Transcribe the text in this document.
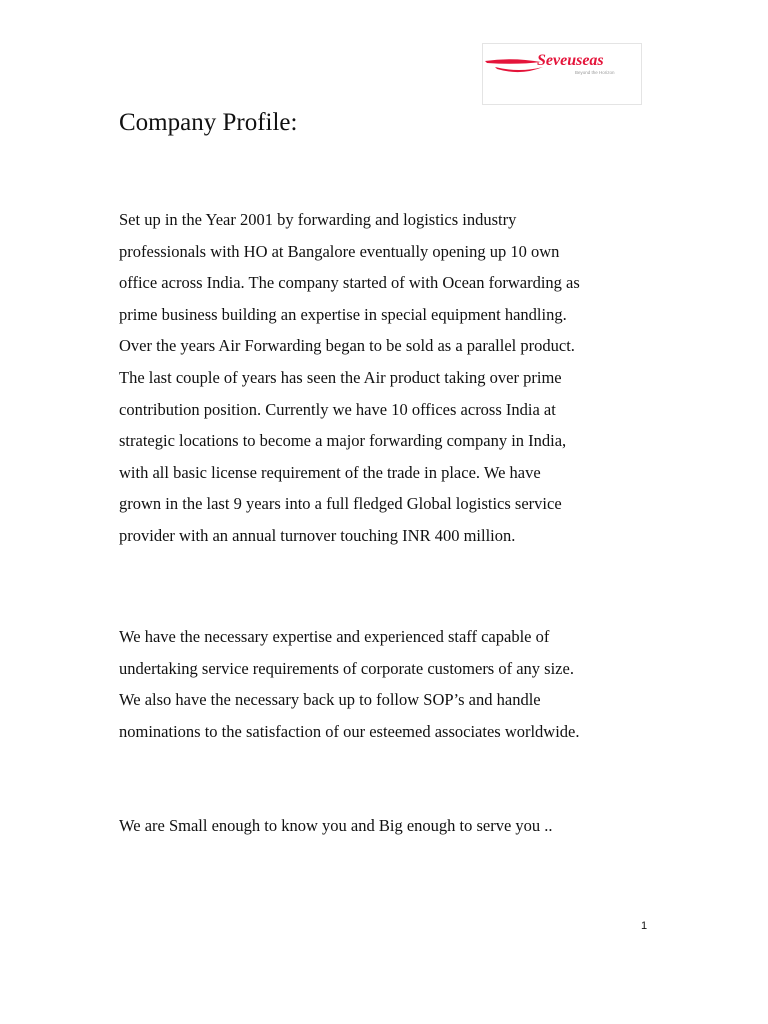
Seveuseas
Beyond the Horizon
Company Profile:

Set up in the Year 2001 by forwarding and logistics industry
professionals with HO at Bangalore eventually opening up 10 own
office across India. The company started of with Ocean forwarding as
prime business building an expertise in special equipment handling.
Over the years Air Forwarding began to be sold as a parallel product.
The last couple of years has seen the Air product taking over prime
contribution position. Currently we have 10 offices across India at
strategic locations to become a major forwarding company in India,
with all basic license requirement of the trade in place. We have
grown in the last 9 years into a full fledged Global logistics service
provider with an annual turnover touching INR 400 million.

We have the necessary expertise and experienced staff capable of
undertaking service requirements of corporate customers of any size.
We also have the necessary back up to follow SOP’s and handle
nominations to the satisfaction of our esteemed associates worldwide.

We are Small enough to know you and Big enough to serve you ..

1
